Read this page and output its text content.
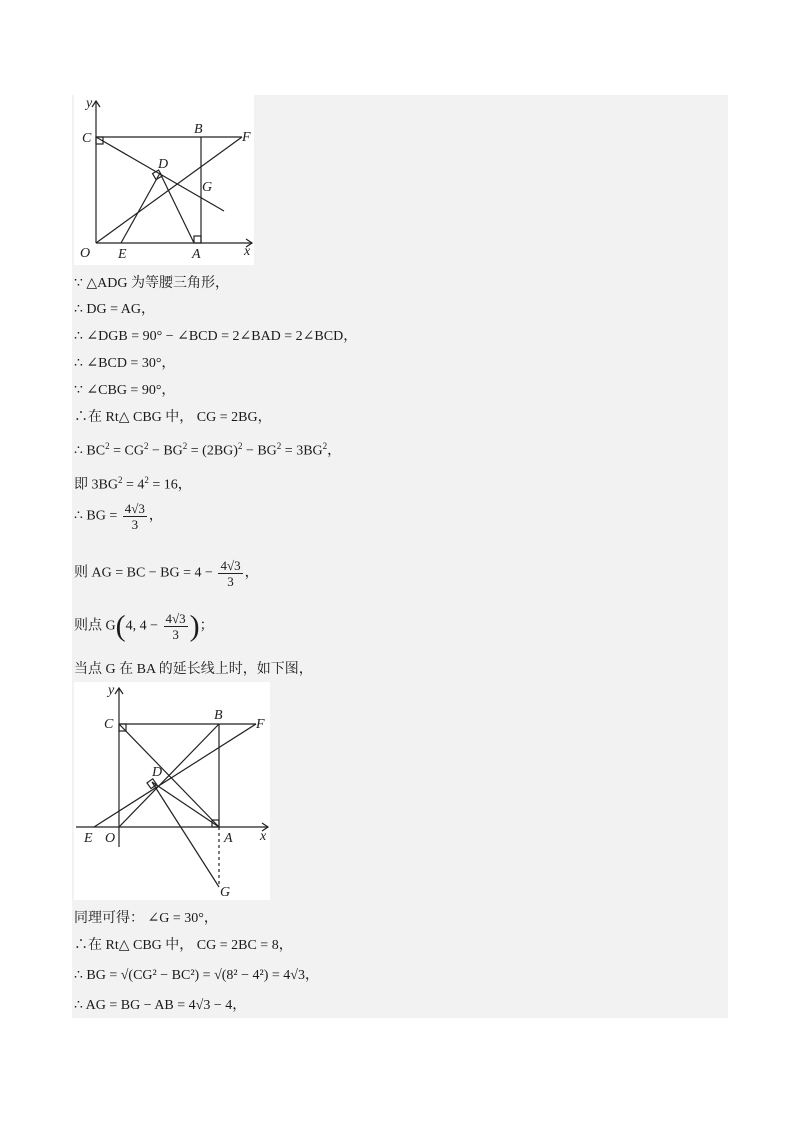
y
C
B
F
D
G
O E	A	x
∵ △ADG 为等腰三角形，
∴ DG = AG，
∴ ∠DGB = 90° − ∠BCD = 2∠BAD = 2∠BCD，
∴ ∠BCD = 30°，
∵ ∠CBG = 90°，
∴在 Rt△ CBG 中， CG = 2BG，
∴ $BC^2 = CG^2 - BG^2 = (2BG)^2 - BG^2 = 3BG^2$，
即 $3BG^2 = 4^2 = 16$，
∴ BG = $\frac{4√3}{3}$ ，
则 AG = BC − BG = $4 - \frac{4√3}{3}$ ，
则点 G(4, $4 - \frac{4√3}{3}$ )；
当点 G 在 BA 的延长线上时，如下图，
y
C
B
F
D
E O	A x
G
同理可得： ∠G = 30°，
∴在 Rt△ CBG 中， CG = 2BC = 8，
∴ BG = √(CG² − BC²) = √(8² − 4²) = 4√3，
∴ AG = BG − AB = 4√3 − 4，
